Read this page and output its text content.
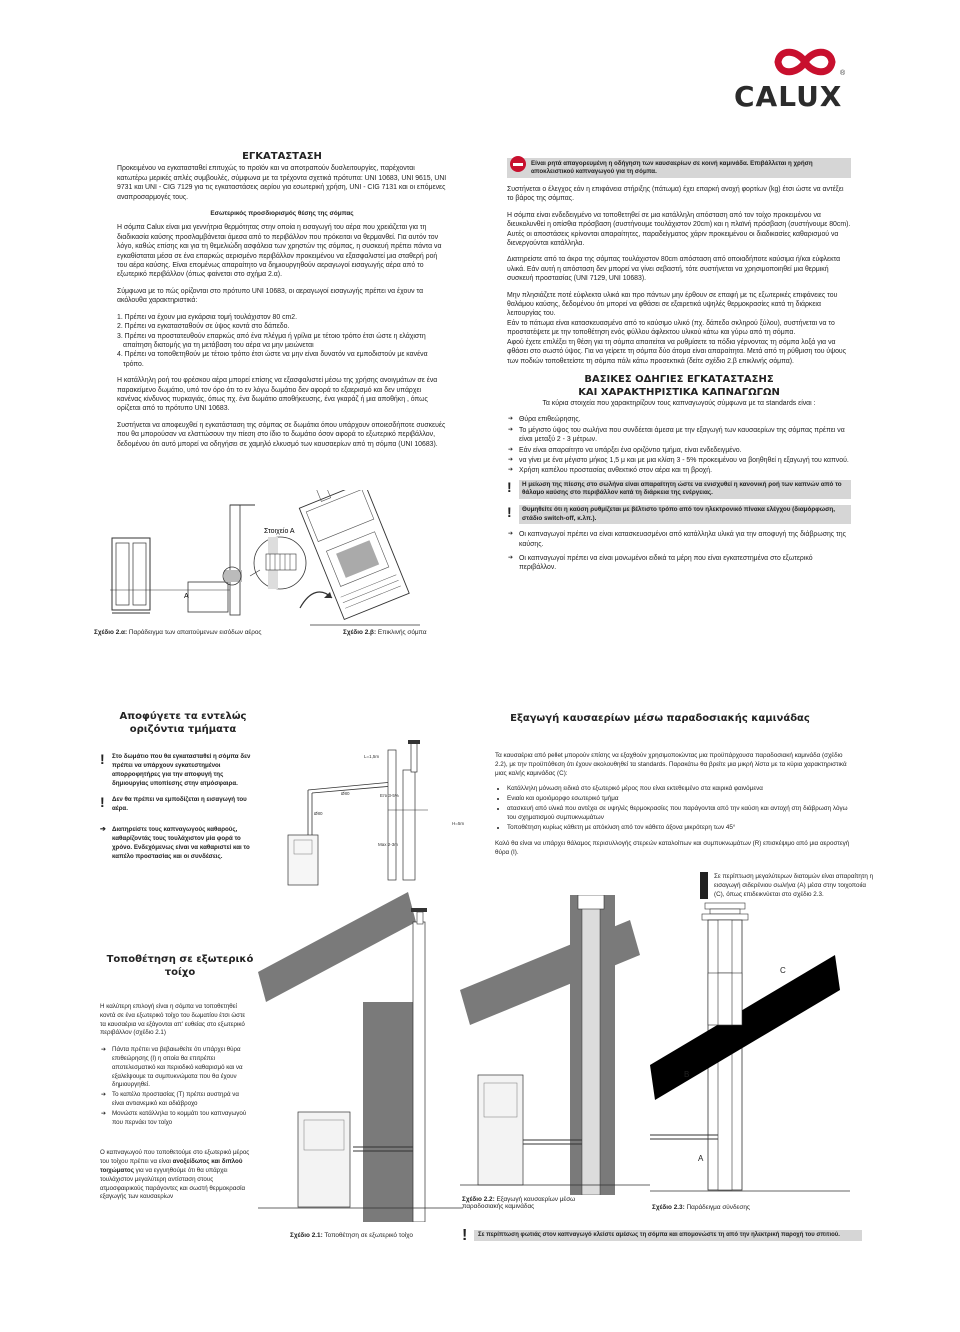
CALUX
®
ΕΓΚΑΤΑΣΤΑΣΗ

Προκειμένου να εγκατασταθεί επιτυχώς το προϊόν και να αποτραπούν δυσλειτουργίες, παρέχονται κατωτέρω μερικές απλές συμβουλές, σύμφωνα με τα τρέχοντα σχετικά πρότυπα: UNI 10683, UNI 9615, UNI 9731 και UNI - CIG 7129 για τις εγκαταστάσεις αερίου για εσωτερική χρήση, UNI - CIG 7131 και οι επόμενες αναπροσαρμογές τους.

Εσωτερικός προσδιορισμός θέσης της σόμπας

Η σόμπα Calux είναι μια γεννήτρια θερμότητας στην οποία η εισαγωγή του αέρα που χρειάζεται για τη διαδικασία καύσης προσλαμβάνεται άμεσα από το περιβάλλον που πρόκειται να θερμανθεί. Για αυτόν τον λόγο, καθώς επίσης και για τη θεμελιώδη ασφάλεια των χρηστών της σόμπας, η συσκευή πρέπει πάντα να εγκαθίσταται μέσα σε ένα επαρκώς αερισμένο περιβάλλον προκειμένου να εξασφαλιστεί μια σταθερή ροή του αέρα καύσης. Είναι επομένως απαραίτητο να δημιουργηθούν αεραγωγοί εισαγωγής αέρα από το εξωτερικό περιβάλλον (όπως φαίνεται στο σχήμα 2.α).

Σύμφωνα με το πώς ορίζονται στο πρότυπο UNI 10683, οι αεραγωγοί εισαγωγής πρέπει να έχουν τα ακόλουθα χαρακτηριστικά:

1. Πρέπει να έχουν μια εγκάρσια τομή τουλάχιστον 80 cm2.
2. Πρέπει να εγκατασταθούν σε ύψος κοντά στο δάπεδο.
3. Πρέπει να προστατευθούν επαρκώς από ένα πλέγμα ή γρίλια με τέτοιο τρόπο έτσι ώστε η ελάχιστη απαίτηση διατομής για τη μετάβαση του αέρα να μην μειώνεται
4. Πρέπει να τοποθετηθούν με τέτοιο τρόπο έτσι ώστε να μην είναι δυνατόν να εμποδιστούν με κανένα τρόπο.

Η κατάλληλη ροή του φρέσκου αέρα μπορεί επίσης να εξασφαλιστεί μέσω της χρήσης ανοιγμάτων σε ένα παρακείμενο δωμάτιο, υπό τον όρο ότι το εν λόγω δωμάτιο δεν αφορά το εξαερισμό και δεν υπάρχει κανένας κίνδυνος πυρκαγιάς, όπως πχ. ένα δωμάτιο αποθήκευσης, ένα γκαράζ ή μια αποθήκη , όπως ορίζεται από το πρότυπο UNI 10683.

Συστήνεται να αποφευχθεί η εγκατάσταση της σόμπας σε δωμάτια όπου υπάρχουν οποιεσδήποτε συσκευές που θα μπορούσαν να ελαττώσουν την πίεση στο ίδιο το δωμάτιο όσον αφορά το εξωτερικό περιβάλλον, δεδομένου ότι αυτό μπορεί να οδηγήσει σε χαμηλό ελκυσμό των καυσαερίων από τη σόμπα (UNI 10683).

A
Στοιχείο Α
Σχέδιο 2.α: Παράδειγμα των απαιτούμενων εισόδων αέρος	Σχέδιο 2.β: Επικλινής σόμπα
Είναι ρητά απαγορευμένη η οδήγηση των καυσαερίων σε κοινή καμινάδα. Επιβάλλεται η χρήση αποκλειστικού καπναγωγού για τη σόμπα.

Συστήνεται ο έλεγχος εάν η επιφάνεια στήριξης (πάτωμα) έχει επαρκή ανοχή φορτίων (kg) έτσι ώστε να αντέξει το βάρος της σόμπας.

Η σόμπα είναι ενδεδειγμένο να τοποθετηθεί σε μια κατάλληλη απόσταση από τον τοίχο προκειμένου να διευκολυνθεί η οπίσθια πρόσβαση (συστήνουμε τουλάχιστον 20cm) και η πλαϊνή πρόσβαση (συστήνουμε 80cm).

Αυτές οι αποστάσεις κρίνονται απαραίτητες, παραδείγματος χάριν προκειμένου οι διαδικασίες καθαρισμού να διενεργούνται κατάλληλα.

Διατηρείστε από τα άκρα της σόμπας τουλάχιστον 80cm απόσταση από οποιαδήποτε καύσιμα ή/και εύφλεκτα υλικά. Εάν αυτή η απόσταση δεν μπορεί να γίνει σεβαστή, τότε συστήνεται να χρησιμοποιηθεί μια θερμική συσκευή προστασίας (UNI 7129, UNI 10683).

Μην πλησιάζετε ποτέ εύφλεκτα υλικά και προ πάντων μην έρθουν σε επαφή με τις εξωτερικές επιφάνειες του θαλάμου καύσης, δεδομένου ότι μπορεί να φθάσει σε εξαιρετικά υψηλές θερμοκρασίες κατά τη διάρκεια λειτουργίας του.

Εάν το πάτωμα είναι κατασκευασμένο από το καύσιμο υλικό (πχ. δάπεδο σκληρού ξύλου), συστήνεται να το προστατέψετε με την τοποθέτηση ενός φύλλου άφλεκτου υλικού κάτω και γύρω από τη σόμπα.

Αφού έχετε επιλέξει τη θέση για τη σόμπα απαιτείται να ρυθμίσετε τα πόδια γέρνοντας τη σόμπα λοξά για να φθάσει στο σωστό ύψος. Για να γείρετε τη σόμπα δύο άτομα είναι απαραίτητα. Μετά από τη ρύθμιση του ύψους των ποδιών τοποθετείστε τη σόμπα πάλι κάτω προσεκτικά (δείτε σχέδιο 2.β επικλινής σόμπα).

ΒΑΣΙΚΕΣ ΟΔΗΓΙΕΣ ΕΓΚΑΤΑΣΤΑΣΗΣ
ΚΑΙ ΧΑΡΑΚΤΗΡΙΣΤΙΚΑ ΚΑΠΝΑΓΩΓΩΝ

Τα κύρια στοιχεία που χαρακτηρίζουν τους καπναγωγούς σύμφωνα με τα standards είναι :

➔ Θύρα επιθεώρησης.
➔ Το μέγιστο ύψος του σωλήνα που συνδέεται άμεσα με την εξαγωγή των καυσαερίων της σόμπας πρέπει να είναι μεταξύ 2 - 3 μέτρων.
➔ Εάν είναι απαραίτητο να υπάρξει ένα οριζόντιο τμήμα, είναι ενδεδειγμένο.
➔ να γίνει με ένα μέγιστο μήκος 1,5 μ και με μια κλίση 3 - 5% προκειμένου να βοηθηθεί η εξαγωγή του καπνού.
➔ Χρήση καπέλου προστασίας ανθεκτικό στον αέρα και τη βροχή.
! Η μείωση της πίεσης στο σωλήνα είναι απαραίτητη ώστε να ενισχυθεί η κανονική ροή των καπνών από το θάλαμο καύσης στο περιβάλλον κατά τη διάρκεια της ενέργειας.
! Θυμηθείτε ότι η καύση ρυθμίζεται με βέλτιστο τρόπο από τον ηλεκτρονικό πίνακα ελέγχου (διαμόρφωση, στάδιο switch-off, κ.λπ.).
➔ Οι καπναγωγοί πρέπει να είναι κατασκευασμένοι από κατάλληλα υλικά για την αποφυγή της διάβρωσης της καύσης.
➔ Οι καπναγωγοί πρέπει να είναι μονωμένοι ειδικά τα μέρη που είναι εγκατεστημένα στο εξωτερικό περιβάλλον.
Αποφύγετε τα εντελώς
οριζόντια τμήματα
! Στο δωμάτιο που θα εγκατασταθεί η σόμπα δεν πρέπει να υπάρχουν εγκατεστημένοι απορροφητήρες για την αποφυγή της δημιουργίας υποπίεσης στην ατμόσφαιρα.
! Δεν θα πρέπει να εμποδίζεται η εισαγωγή του αέρα.
➔ Διατηρείστε τους καπναγωγούς καθαρούς, καθαρίζοντάς τους τουλάχιστον μία φορά το χρόνο. Ενδεχόμενως είναι να καθαριστεί και το καπέλο προστασίας και οι συνδέσεις.
Τοποθέτηση σε εξωτερικό τοίχο

Η καλύτερη επιλογή είναι η σόμπα να τοποθετηθεί κοντά σε ένα εξωτερικό τοίχο του δωματίου έτσι ώστε τα καυσαέρια να εξάγονται απ' ευθείας στο εξωτερικό περιβάλλον (σχέδιο 2.1)

➔ Πάντα πρέπει να βεβαιωθείτε ότι υπάρχει θύρα επιθεώρησης (I) η οποία θα επιτρέπει αποτελεσματικό και περιοδικό καθαρισμό και να εξαλείψουμε τα συμπυκνώματα που θα έχουν δημιουργηθεί.
➔ Το καπέλο προστασίας (T) πρέπει αυστηρά να είναι αντιανεμικό και αδιάβροχο
➔ Μονώστε κατάλληλα το κομμάτι του καπναγωγού που περνάει τον τοίχο

Ο καπναγωγού που τοποθετούμε στο εξωτερικό μέρος του τοίχου πρέπει να είναι ανοξείδωτος και διπλού τοιχώματος για να εγγυηθούμε ότι θα υπάρχει τουλάχιστον μεγαλύτερη αντίσταση στους ατμοσφαιρικούς παράγοντες και σωστή θερμοκρασία εξαγωγής των καυσαερίων

L=1,5m
Επι 3-5%
Max 2-3m
H=5m
Ø80
Ø80
Σχέδιο 2.1: Τοποθέτηση σε εξωτερικό τοίχο
Εξαγωγή καυσαερίων μέσω παραδοσιακής καμινάδας

Τα καυσαέρια από pellet μπορούν επίσης να εξαχθούν χρησιμοποιώντας μια προϋπάρχουσα παραδοσιακή καμινάδα (σχέδιο 2.2), με την προϋπόθεση ότι έχουν ακολουθηθεί τα standards. Παρακάτω θα βρείτε μια μικρή λίστα με τα κύρια χαρακτηριστικά μιας καλής καμινάδας (C):

• Κατάλληλη μόνωση ειδικά στο εξωτερικό μέρος που είναι εκτεθειμένο στα καιρικά φαινόμενα
• Ενιαίο και ομοιόμορφο εσωτερικό τμήμα
• ατασκευή από υλικά που αντέχει σε υψηλές θερμοκρασίες που παράγονται από την καύση και αντοχή στη διάβρωση λόγω του σχηματισμού συμπυκνωμάτων
• Τοποθέτηση κυρίως κάθετη με απόκλιση από τον κάθετο άξονα μικρότερη των 45°

Καλό θα είναι να υπάρχει θάλαμος περισυλλογής στερεών καταλοίπων και συμπυκνωμάτων (R) επισκέψιμο από μια αεροστεγή θύρα (I).

Σε περίπτωση μεγαλύτερων διατομών είναι απαραίτητη η εισαγωγή σιδερένιου σωλήνα (A) μέσα στην τοιχοποιία (C), όπως επιδεικνύεται στο σχέδιο 2.3.
Σχέδιο 2.2: Εξαγωγή καυσαερίων μέσω παραδοσιακής καμινάδας
C
B
A
Σχέδιο 2.3: Παράδειγμα σύνδεσης
!	Σε περίπτωση φωτιάς στον καπναγωγό κλείστε αμέσως τη σόμπα και απομονώστε τη από την ηλεκτρική παροχή του σπιτιού.
